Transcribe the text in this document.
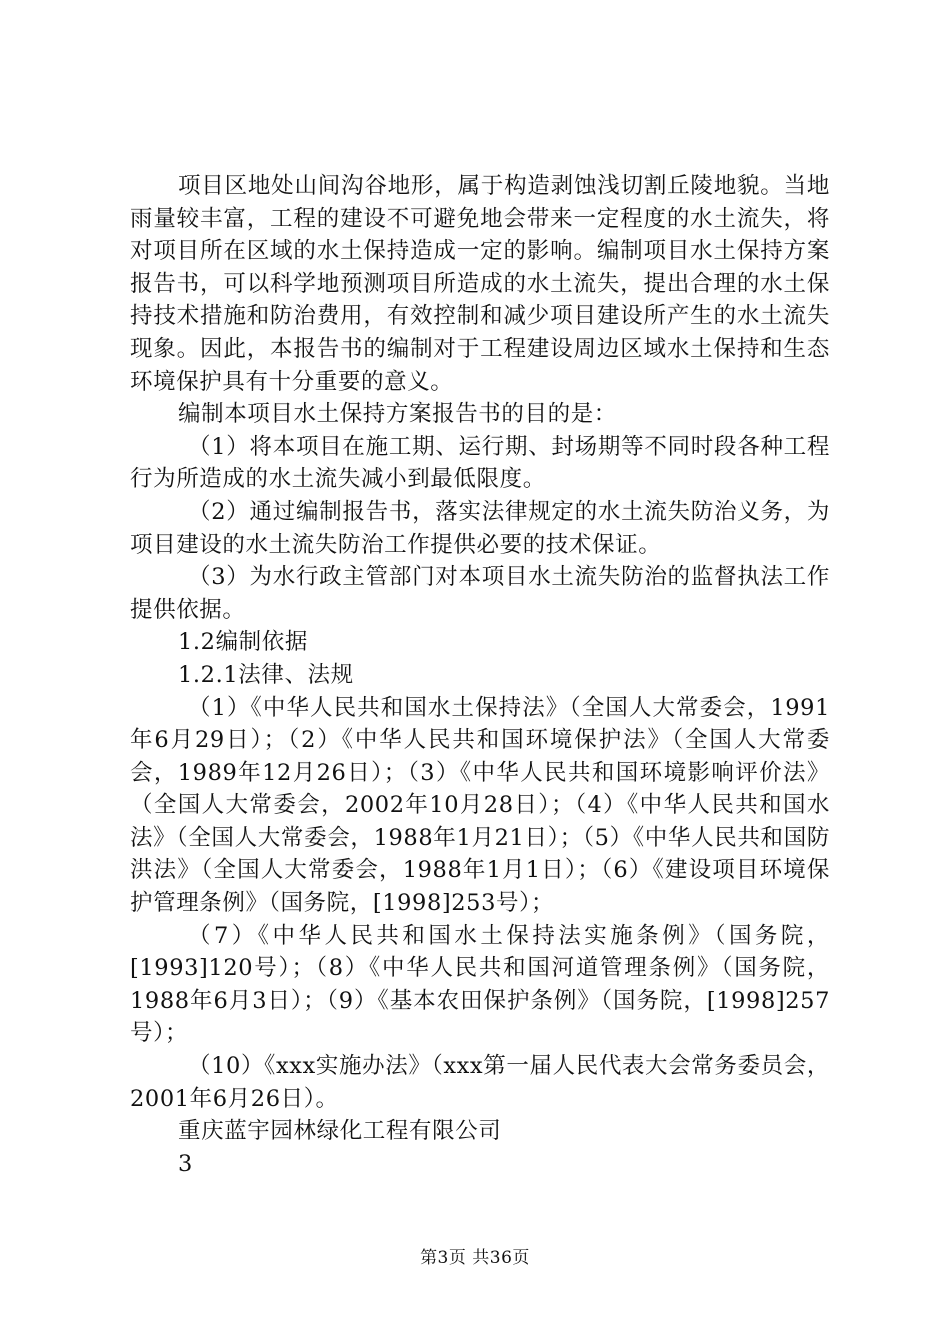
项目区地处山间沟谷地形，属于构造剥蚀浅切割丘陵地貌。当地雨量较丰富，工程的建设不可避免地会带来一定程度的水土流失，将对项目所在区域的水土保持造成一定的影响。编制项目水土保持方案报告书，可以科学地预测项目所造成的水土流失，提出合理的水土保持技术措施和防治费用，有效控制和减少项目建设所产生的水土流失现象。因此，本报告书的编制对于工程建设周边区域水土保持和生态环境保护具有十分重要的意义。

编制本项目水土保持方案报告书的目的是：

（1）将本项目在施工期、运行期、封场期等不同时段各种工程行为所造成的水土流失减小到最低限度。

（2）通过编制报告书，落实法律规定的水土流失防治义务，为项目建设的水土流失防治工作提供必要的技术保证。

（3）为水行政主管部门对本项目水土流失防治的监督执法工作提供依据。

1.2编制依据

1.2.1法律、法规

（1）《中华人民共和国水土保持法》（全国人大常委会，1991年6月29日）；（2）《中华人民共和国环境保护法》（全国人大常委会，1989年12月26日）；（3）《中华人民共和国环境影响评价法》（全国人大常委会，2002年10月28日）；（4）《中华人民共和国水法》（全国人大常委会，1988年1月21日）；（5）《中华人民共和国防洪法》（全国人大常委会，1988年1月1日）；（6）《建设项目环境保护管理条例》（国务院，[1998]253号）；

（7）《中华人民共和国水土保持法实施条例》（国务院，[1993]120号）；（8）《中华人民共和国河道管理条例》（国务院，1988年6月3日）；（9）《基本农田保护条例》（国务院，[1998]257号）；

（10）《xxx实施办法》（xxx第一届人民代表大会常务委员会，2001年6月26日）。

重庆蓝宇园林绿化工程有限公司

3

第3页 共36页
